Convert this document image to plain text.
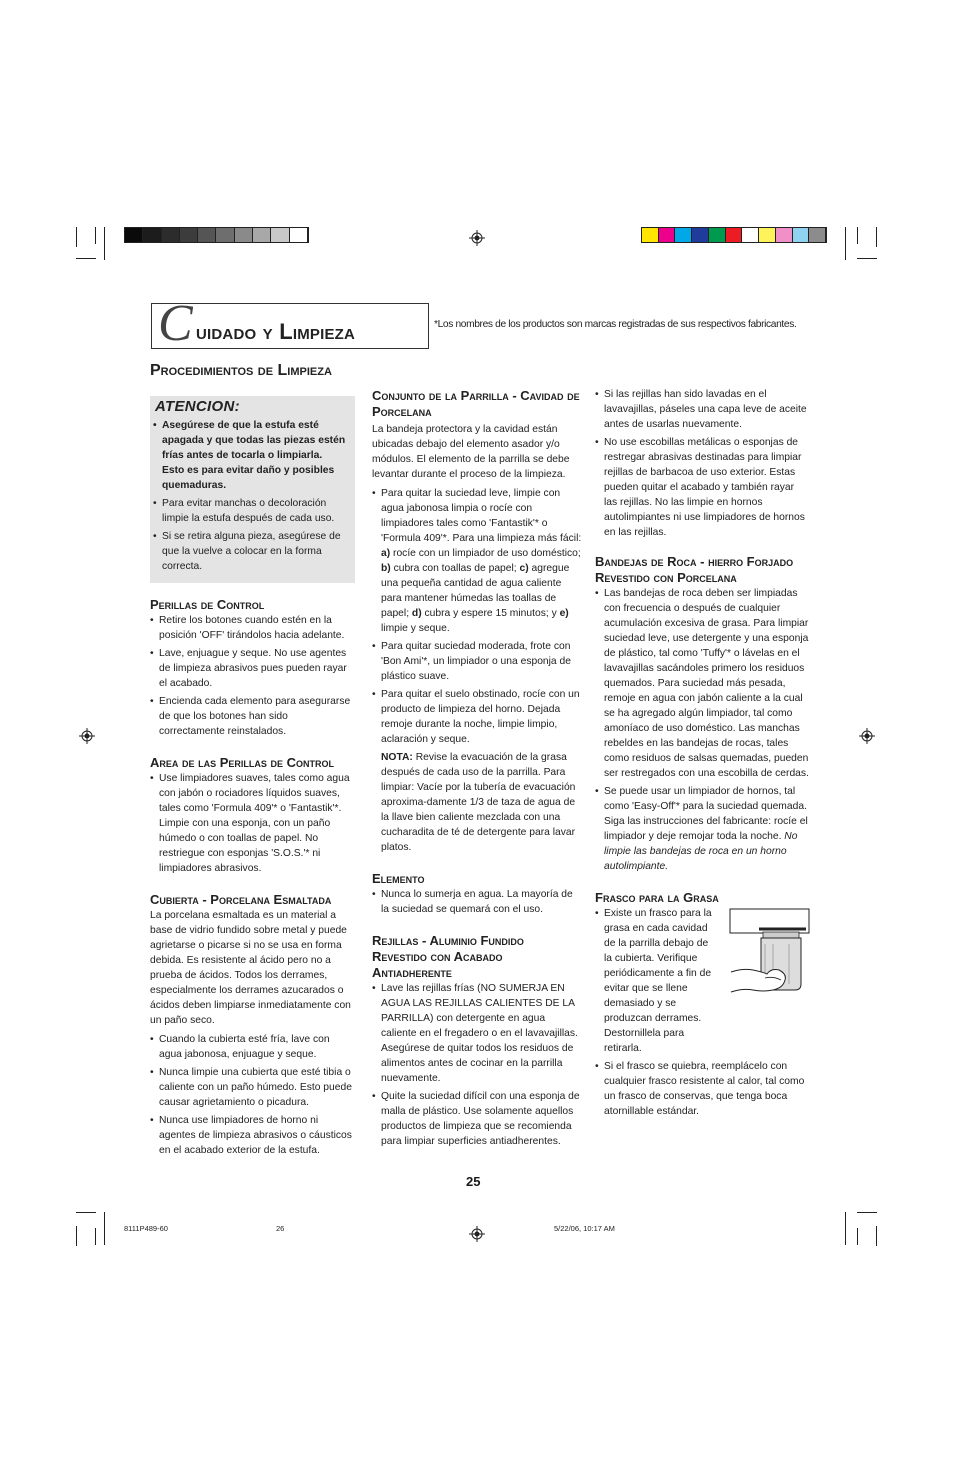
C uidado y Limpieza	*Los nombres de los productos son marcas registradas de sus respectivos fabricantes.
Procedimientos de Limpieza
ATENCION:
• Asegúrese de que la estufa esté apagada y que todas las piezas estén frías antes de tocarla o limpiarla. Esto es para evitar daño y posibles quemaduras.
• Para evitar manchas o decoloración limpie la estufa después de cada uso.
• Si se retira alguna pieza, asegúrese de que la vuelve a colocar en la forma correcta.
Perillas de Control
• Retire los botones cuando estén en la posición 'OFF' tirándolos hacia adelante.
• Lave, enjuague y seque. No use agentes de limpieza abrasivos pues pueden rayar el acabado.
• Encienda cada elemento para asegurarse de que los botones han sido correctamente reinstalados.
Area de las Perillas de Control
• Use limpiadores suaves, tales como agua con jabón o rociadores líquidos suaves, tales como 'Formula 409'* o 'Fantastik'*. Limpie con una esponja, con un paño húmedo o con toallas de papel. No restriegue con esponjas 'S.O.S.'* ni limpiadores abrasivos.
Cubierta - Porcelana Esmaltada

La porcelana esmaltada es un material a base de vidrio fundido sobre metal y puede agrietarse o picarse si no se usa en forma debida. Es resistente al ácido pero no a prueba de ácidos. Todos los derrames, especialmente los derrames azucarados o ácidos deben limpiarse inmediatamente con un paño seco.

• Cuando la cubierta esté fría, lave con agua jabonosa, enjuague y seque.
• Nunca limpie una cubierta que esté tibia o caliente con un paño húmedo. Esto puede causar agrietamiento o picadura.
• Nunca use limpiadores de horno ni agentes de limpieza abrasivos o cáusticos en el acabado exterior de la estufa.
Conjunto de la Parrilla - Cavidad de Porcelana

La bandeja protectora y la cavidad están ubicadas debajo del elemento asador y/o módulos. El elemento de la parrilla se debe levantar durante el proceso de la limpieza.

• Para quitar la suciedad leve, limpie con agua jabonosa limpia o rocíe con limpiadores tales como 'Fantastik'* o 'Formula 409'*. Para una limpieza más fácil: a) rocíe con un limpiador de uso doméstico; b) cubra con toallas de papel; c) agregue una pequeña cantidad de agua caliente para mantener húmedas las toallas de papel; d) cubra y espere 15 minutos; y e) limpie y seque.
• Para quitar suciedad moderada, frote con 'Bon Ami'*, un limpiador o una esponja de plástico suave.
• Para quitar el suelo obstinado, rocíe con un producto de limpieza del horno. Dejada remoje durante la noche, limpie limpio, aclaración y seque.
NOTA: Revise la evacuación de la grasa después de cada uso de la parrilla. Para limpiar: Vacíe por la tubería de evacuación aproxima-damente 1/3 de taza de agua de la llave bien caliente mezclada con una cucharadita de té de detergente para lavar platos.
Elemento
• Nunca lo sumerja en agua. La mayoría de la suciedad se quemará con el uso.
Rejillas - Aluminio Fundido Revestido con Acabado Antiadherente
• Lave las rejillas frías (NO SUMERJA EN AGUA LAS REJILLAS CALIENTES DE LA PARRILLA) con detergente en agua caliente en el fregadero o en el lavavajillas. Asegúrese de quitar todos los residuos de alimentos antes de cocinar en la parrilla nuevamente.
• Quite la suciedad difícil con una esponja de malla de plástico. Use solamente aquellos productos de limpieza que se recomienda para limpiar superficies antiadherentes.
• Si las rejillas han sido lavadas en el lavavajillas, páseles una capa leve de aceite antes de usarlas nuevamente.
• No use escobillas metálicas o esponjas de restregar abrasivas destinadas para limpiar rejillas de barbacoa de uso exterior. Estas pueden quitar el acabado y también rayar las rejillas. No las limpie en hornos autolimpiantes ni use limpiadores de hornos en las rejillas.
Bandejas de Roca - hierro Forjado Revestido con Porcelana
• Las bandejas de roca deben ser limpiadas con frecuencia o después de cualquier acumulación excesiva de grasa. Para limpiar suciedad leve, use detergente y una esponja de plástico, tal como 'Tuffy'* o lávelas en el lavavajillas sacándoles primero los residuos quemados. Para suciedad más pesada, remoje en agua con jabón caliente a la cual se ha agregado algún limpiador, tal como amoníaco de uso doméstico. Las manchas rebeldes en las bandejas de rocas, tales como residuos de salsas quemadas, pueden ser restregados con una escobilla de cerdas.
• Se puede usar un limpiador de hornos, tal como 'Easy-Off'* para la suciedad quemada. Siga las instrucciones del fabricante: rocíe el limpiador y deje remojar toda la noche. No limpie las bandejas de roca en un horno autolimpiante.
Frasco para la Grasa
• Existe un frasco para la grasa en cada cavidad de la parrilla debajo de la cubierta. Verifique periódicamente a fin de evitar que se llene demasiado y se produzcan derrames. Destornillela para retirarla.
• Si el frasco se quiebra, reemplácelo con cualquier frasco resistente al calor, tal como un frasco de conservas, que tenga boca atornillable estándar.
25
8111P489-60	26	5/22/06, 10:17 AM
